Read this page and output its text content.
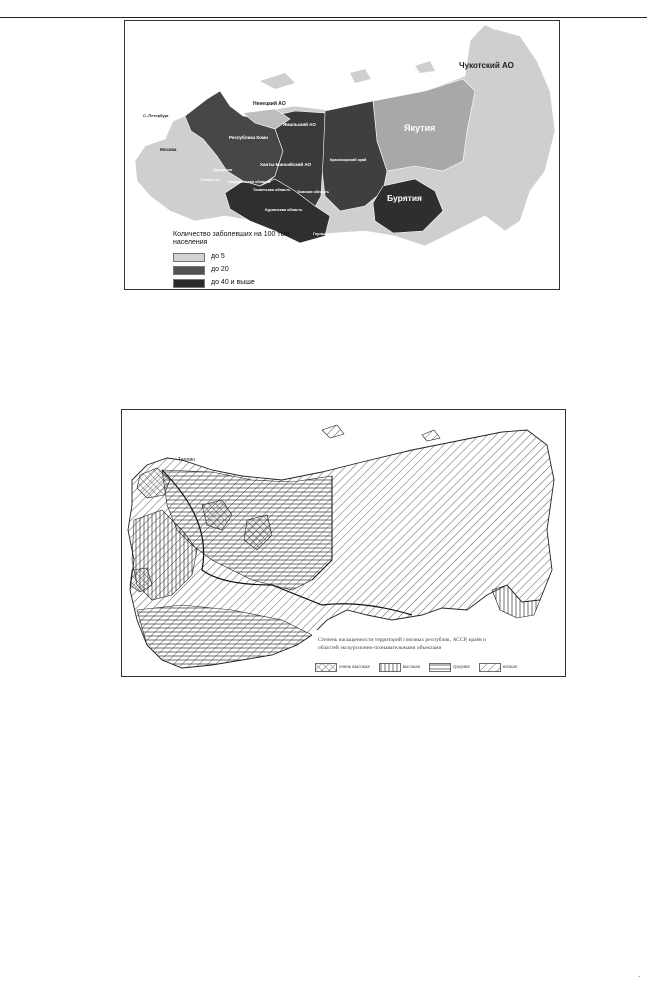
Чукотский АО
Якутия
Бурятия
Ненецкий АО
Республика Коми
Ямальский АО
Ханты-Мансийский АО
С.-Петербург
Москва
Удмуртия
Татарстан Свердловская область
Тюменская область
Курганская область
Томская область
Красноярский край
Горный Алтай Тыва
Количество заболевших на 100 тыс. населения
до 5
до 20
до 40 и выше
Таллин
Степень насыщенности территорий союзных республик, АССР, краёв и областей экскурсионно-познавательными объектами
очень высокая	высокая	средняя	низкая
.
